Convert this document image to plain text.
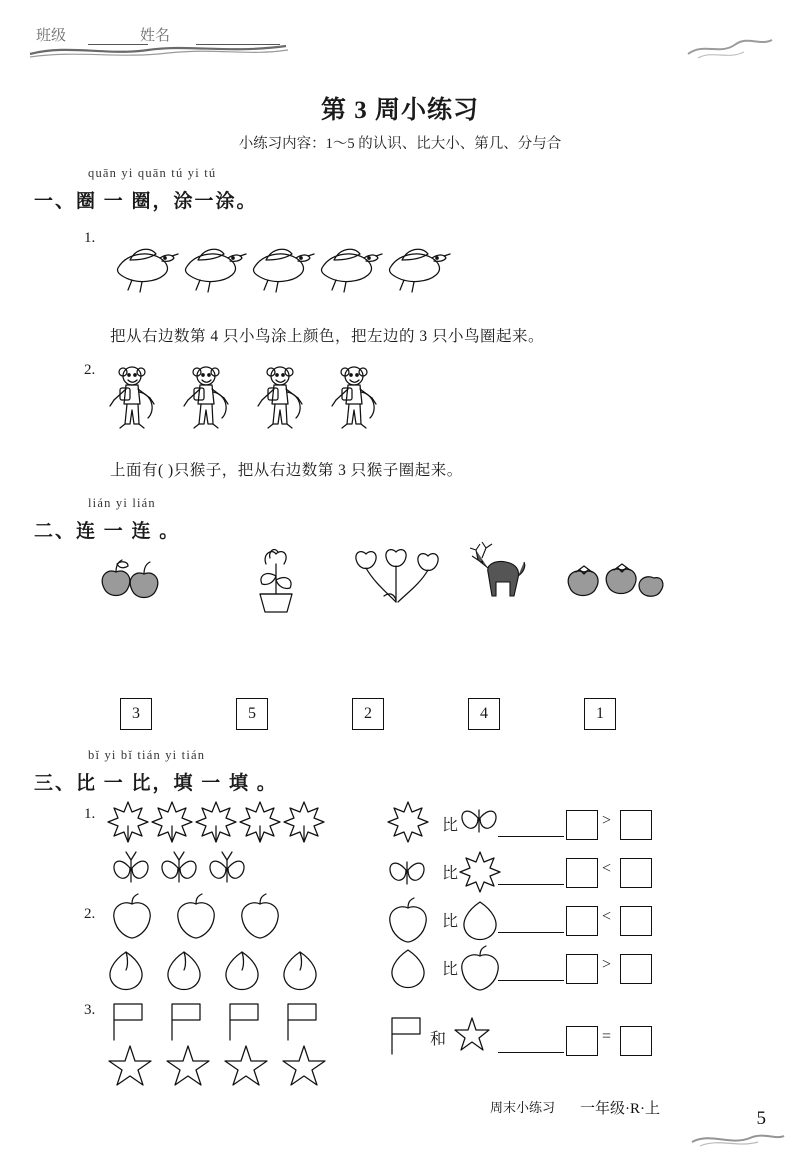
班级	姓名
第 3 周小练习
小练习内容：1～5 的认识、比大小、第几、分与合
quān yi quān tú yi tú
一、圈 一 圈，涂一涂。
1.
把从右边数第 4 只小鸟涂上颜色，把左边的 3 只小鸟圈起来。
2.
上面有( )只猴子，把从右边数第 3 只猴子圈起来。
lián yi lián
二、连 一 连 。
3	5	2	4	1
bǐ yi bǐ tián yi tián
三、比 一 比，填 一 填 。
1.
比	>
比	<
2.	比	<
比	>
3.
和	=
周末小练习 一年级·R·上	5
